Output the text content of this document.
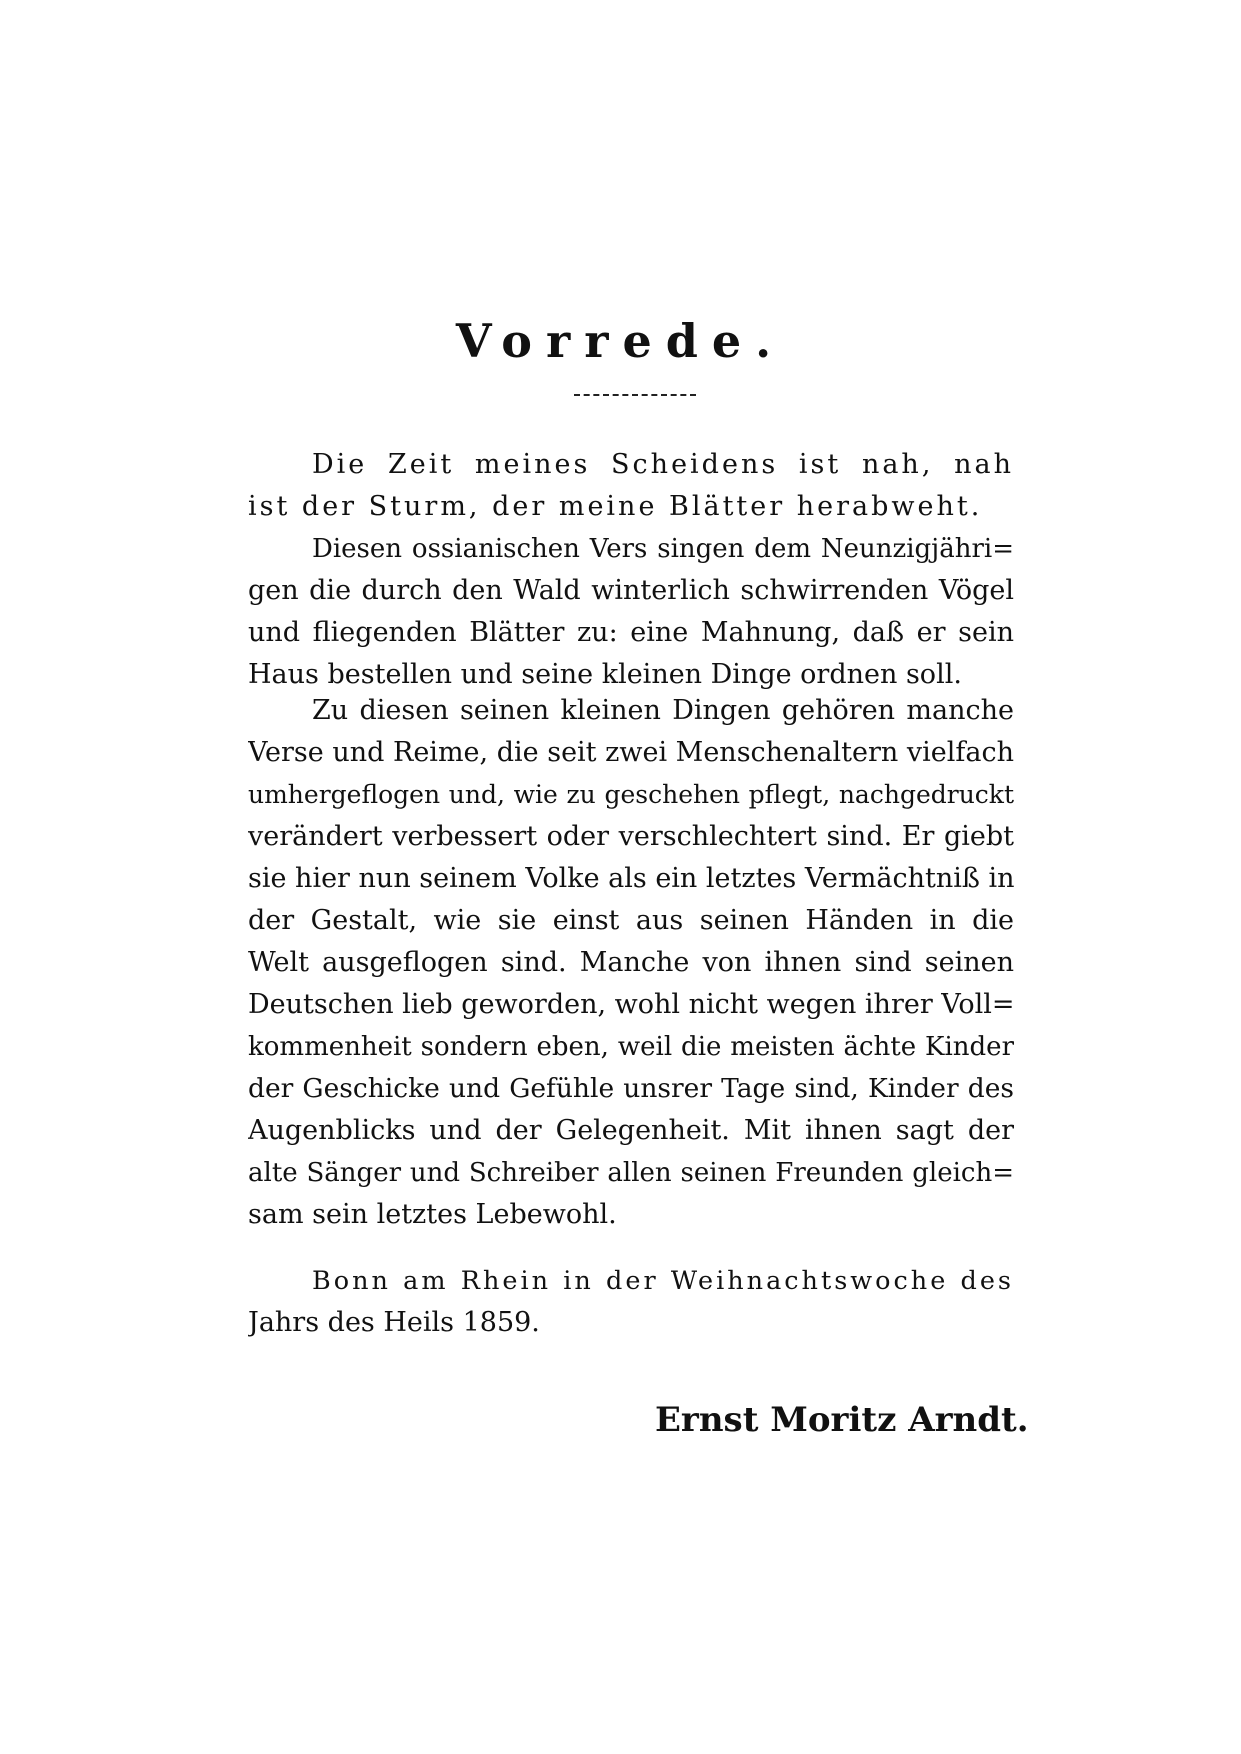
Vorrede.
Die Zeit meines Scheidens ist nah, nah
ist der Sturm, der meine Blätter herabweht.
Diesen ossianischen Vers singen dem Neunzigjähri=
gen die durch den Wald winterlich schwirrenden Vögel
und fliegenden Blätter zu: eine Mahnung, daß er sein
Haus bestellen und seine kleinen Dinge ordnen soll.
Zu diesen seinen kleinen Dingen gehören manche
Verse und Reime, die seit zwei Menschenaltern vielfach
umhergeflogen und, wie zu geschehen pflegt, nachgedruckt
verändert verbessert oder verschlechtert sind. Er giebt
sie hier nun seinem Volke als ein letztes Vermächtniß in
der Gestalt, wie sie einst aus seinen Händen in die
Welt ausgeflogen sind. Manche von ihnen sind seinen
Deutschen lieb geworden, wohl nicht wegen ihrer Voll=
kommenheit sondern eben, weil die meisten ächte Kinder
der Geschicke und Gefühle unsrer Tage sind, Kinder des
Augenblicks und der Gelegenheit. Mit ihnen sagt der
alte Sänger und Schreiber allen seinen Freunden gleich=
sam sein letztes Lebewohl.
Bonn am Rhein in der Weihnachtswoche des
Jahrs des Heils 1859.
Ernst Moritz Arndt.
